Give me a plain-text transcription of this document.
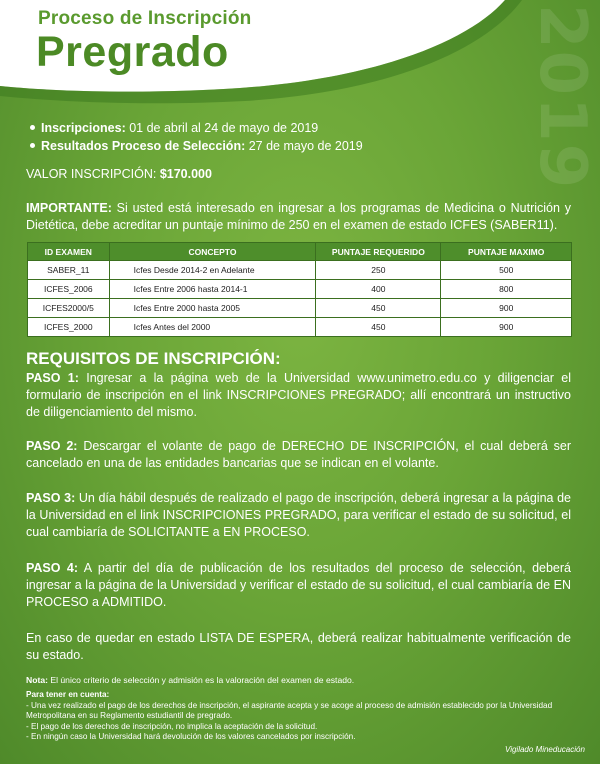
Proceso de Inscripción
Pregrado	2019
Inscripciones: 01 de abril al 24 de mayo de 2019
Resultados Proceso de Selección: 27 de mayo de 2019
VALOR INSCRIPCIÓN: $170.000
IMPORTANTE: Si usted está interesado en ingresar a los programas de Medicina o Nutrición y Dietética, debe acreditar un puntaje mínimo de 250 en el examen de estado ICFES (SABER11).
ID EXAMEN	CONCEPTO	PUNTAJE REQUERIDO	PUNTAJE MAXIMO
SABER_11	Icfes Desde 2014-2 en Adelante	250	500
ICFES_2006	Icfes Entre 2006 hasta 2014-1	400	800
ICFES2000/5	Icfes Entre 2000 hasta 2005	450	900
ICFES_2000	Icfes Antes del 2000	450	900
REQUISITOS DE INSCRIPCIÓN:
PASO 1: Ingresar a la página web de la Universidad www.unimetro.edu.co y diligenciar el formulario de inscripción en el link INSCRIPCIONES PREGRADO; allí encontrará un instructivo de diligenciamiento del mismo.
PASO 2: Descargar el volante de pago de DERECHO DE INSCRIPCIÓN, el cual deberá ser cancelado en una de las entidades bancarias que se indican en el volante.
PASO 3: Un día hábil después de realizado el pago de inscripción, deberá ingresar a la página de la Universidad en el link INSCRIPCIONES PREGRADO, para verificar el estado de su solicitud, el cual cambiaría de SOLICITANTE a EN PROCESO.
PASO 4: A partir del día de publicación de los resultados del proceso de selección, deberá ingresar a la página de la Universidad y verificar el estado de su solicitud, el cual cambiaría de EN PROCESO a ADMITIDO.
En caso de quedar en estado LISTA DE ESPERA, deberá realizar habitualmente verificación de su estado.
Nota: El único criterio de selección y admisión es la valoración del examen de estado.
Para tener en cuenta:
- Una vez realizado el pago de los derechos de inscripción, el aspirante acepta y se acoge al proceso de admisión establecido por la Universidad Metropolitana en su Reglamento estudiantil de pregrado.
- El pago de los derechos de inscripción, no implica la aceptación de la solicitud.
- En ningún caso la Universidad hará devolución de los valores cancelados por inscripción.
Vigilado Mineducación
